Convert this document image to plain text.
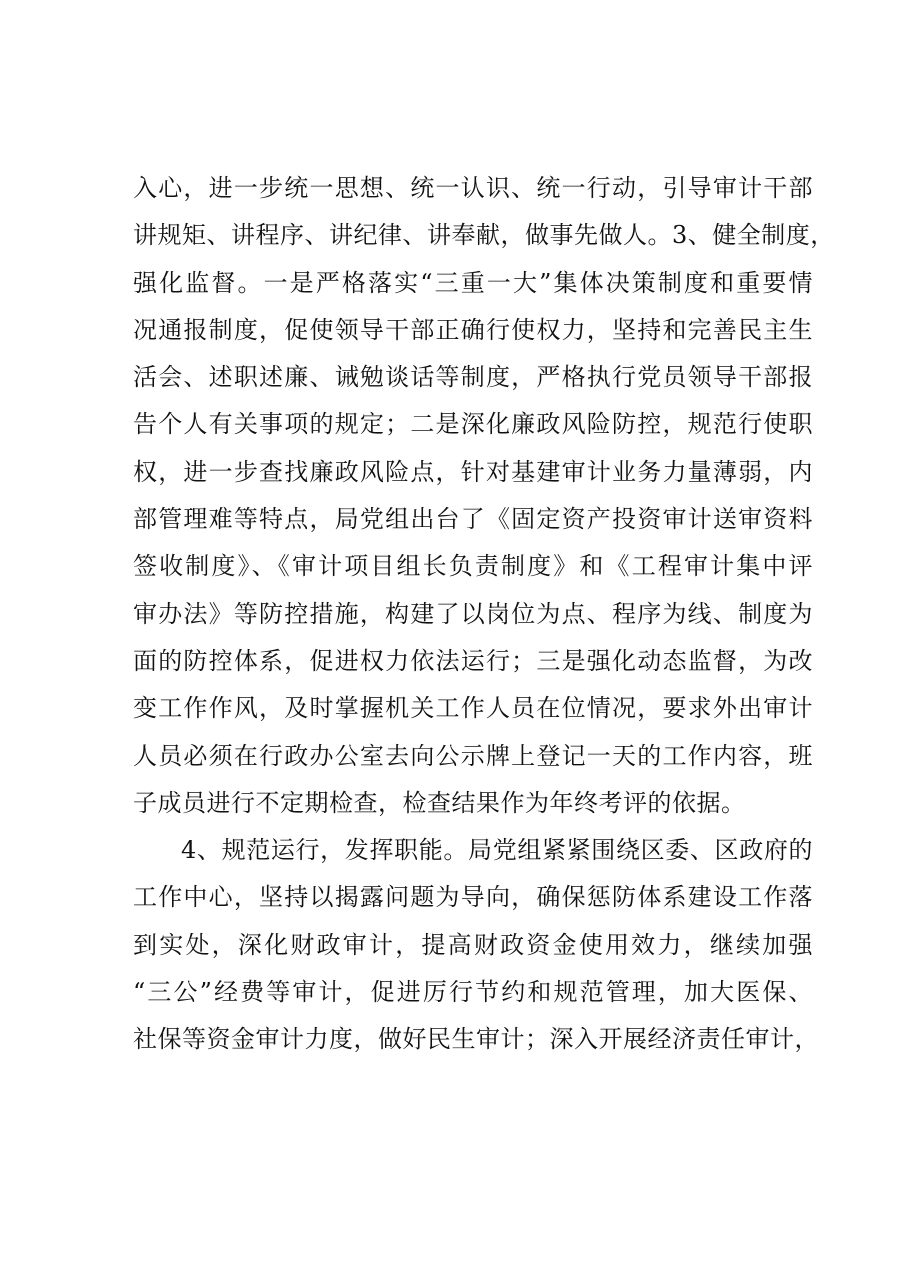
入心，进一步统一思想、统一认识、统一行动，引导审计干部
讲规矩、讲程序、讲纪律、讲奉献，做事先做人。3、健全制度，
强化监督。一是严格落实“三重一大”集体决策制度和重要情
况通报制度，促使领导干部正确行使权力，坚持和完善民主生
活会、述职述廉、诫勉谈话等制度，严格执行党员领导干部报
告个人有关事项的规定；二是深化廉政风险防控，规范行使职
权，进一步查找廉政风险点，针对基建审计业务力量薄弱，内
部管理难等特点，局党组出台了《固定资产投资审计送审资料
签收制度》、《审计项目组长负责制度》和《工程审计集中评
审办法》等防控措施，构建了以岗位为点、程序为线、制度为
面的防控体系，促进权力依法运行；三是强化动态监督，为改
变工作作风，及时掌握机关工作人员在位情况，要求外出审计
人员必须在行政办公室去向公示牌上登记一天的工作内容，班
子成员进行不定期检查，检查结果作为年终考评的依据。
4、规范运行，发挥职能。局党组紧紧围绕区委、区政府的
工作中心，坚持以揭露问题为导向，确保惩防体系建设工作落
到实处，深化财政审计，提高财政资金使用效力，继续加强
“三公”经费等审计，促进厉行节约和规范管理，加大医保、
社保等资金审计力度，做好民生审计；深入开展经济责任审计，
